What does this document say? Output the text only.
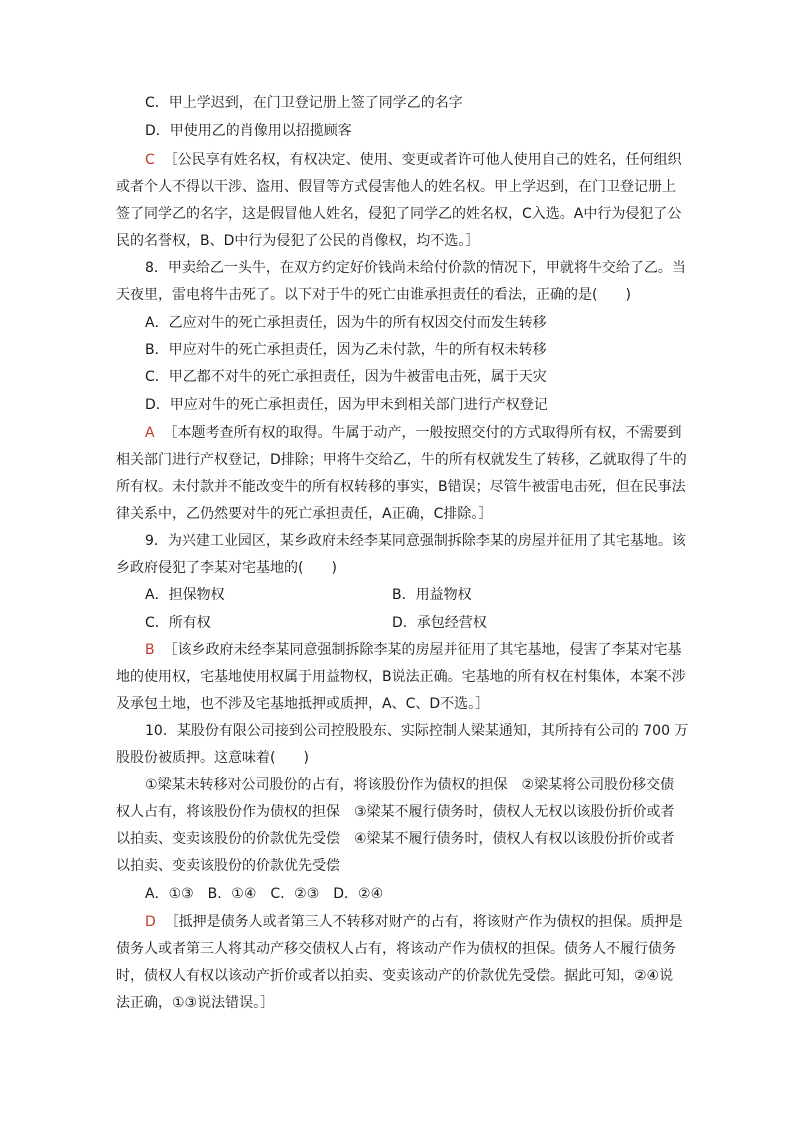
C．甲上学迟到，在门卫登记册上签了同学乙的名字
D．甲使用乙的肖像用以招揽顾客
C ［公民享有姓名权，有权决定、使用、变更或者许可他人使用自己的姓名，任何组织
或者个人不得以干涉、盗用、假冒等方式侵害他人的姓名权。甲上学迟到，在门卫登记册上
签了同学乙的名字，这是假冒他人姓名，侵犯了同学乙的姓名权，C入选。A中行为侵犯了公
民的名誉权，B、D中行为侵犯了公民的肖像权，均不选。］
8．甲卖给乙一头牛，在双方约定好价钱尚未给付价款的情况下，甲就将牛交给了乙。当
天夜里，雷电将牛击死了。以下对于牛的死亡由谁承担责任的看法，正确的是(　　)
A．乙应对牛的死亡承担责任，因为牛的所有权因交付而发生转移
B．甲应对牛的死亡承担责任，因为乙未付款，牛的所有权未转移
C．甲乙都不对牛的死亡承担责任，因为牛被雷电击死，属于天灾
D．甲应对牛的死亡承担责任，因为甲未到相关部门进行产权登记
A ［本题考查所有权的取得。牛属于动产，一般按照交付的方式取得所有权，不需要到
相关部门进行产权登记，D排除；甲将牛交给乙，牛的所有权就发生了转移，乙就取得了牛的
所有权。未付款并不能改变牛的所有权转移的事实，B错误；尽管牛被雷电击死，但在民事法
律关系中，乙仍然要对牛的死亡承担责任，A正确，C排除。］
9．为兴建工业园区，某乡政府未经李某同意强制拆除李某的房屋并征用了其宅基地。该
乡政府侵犯了李某对宅基地的(　　)
A．担保物权	B．用益物权
C．所有权	D．承包经营权
B ［该乡政府未经李某同意强制拆除李某的房屋并征用了其宅基地，侵害了李某对宅基
地的使用权，宅基地使用权属于用益物权，B说法正确。宅基地的所有权在村集体，本案不涉
及承包土地，也不涉及宅基地抵押或质押，A、C、D不选。］
10．某股份有限公司接到公司控股股东、实际控制人梁某通知，其所持有公司的 700 万
股股份被质押。这意味着(　　)
①梁某未转移对公司股份的占有，将该股份作为债权的担保　②梁某将公司股份移交债
权人占有，将该股份作为债权的担保　③梁某不履行债务时，债权人无权以该股份折价或者
以拍卖、变卖该股份的价款优先受偿　④梁某不履行债务时，债权人有权以该股份折价或者
以拍卖、变卖该股份的价款优先受偿
A．①③　B．①④　C．②③　D．②④
D ［抵押是债务人或者第三人不转移对财产的占有，将该财产作为债权的担保。质押是
债务人或者第三人将其动产移交债权人占有，将该动产作为债权的担保。债务人不履行债务
时，债权人有权以该动产折价或者以拍卖、变卖该动产的价款优先受偿。据此可知，②④说
法正确，①③说法错误。］
